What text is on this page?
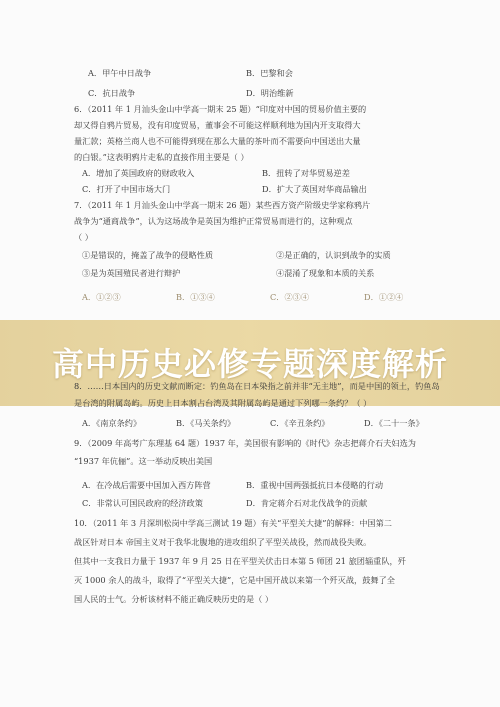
A．甲午中日战争	B．巴黎和会
C．抗日战争	D．明治维新
6．（2011 年 1 月汕头金山中学高一期末 25 题）“印度对中国的贸易价值主要的
却又得自鸦片贸易，没有印度贸易，董事会不可能这样顺利地为国内开支取得大
量汇款；英格兰商人也不可能得到现在那么大量的茶叶而不需要向中国送出大量
的白银。”这表明鸦片走私的直接作用主要是（ ）
A．增加了英国政府的财政收入	B．扭转了对华贸易逆差
C．打开了中国市场大门	D．扩大了英国对华商品输出
7．（2011 年 1 月汕头金山中学高一期末 26 题）某些西方资产阶级史学家称鸦片
战争为“通商战争”，认为这场战争是英国为维护正常贸易而进行的，这种观点
（ ）
①是错误的，掩盖了战争的侵略性质	②是正确的，认识到战争的实质
③是为英国殖民者进行辩护	④混淆了现象和本质的关系
A．①②③	B．①③④	C．②③④	D．①②④
高中历史必修专题深度解析
8．……日本国内的历史文献而断定：钓鱼岛在日本染指之前并非“无主地”，而是中国的领土，钓鱼岛
是台湾的附属岛屿。历史上日本割占台湾及其附属岛屿是通过下列哪一条约？（ ）
A．《南京条约》	B．《马关条约》	C．《辛丑条约》	D．《二十一条》
9．（2009 年高考广东理基 64 题）1937 年，美国很有影响的《时代》杂志把蒋介石夫妇选为
“1937 年伉俪”。这一举动反映出美国
A．在冷战后需要中国加入西方阵营	B．重视中国两强抵抗日本侵略的行动
C．非常认可国民政府的经济政策	D．肯定蒋介石对北伐战争的贡献
10．（2011 年 3 月深圳松岗中学高三测试 19 题）有关“平型关大捷”的解释：中国第二
战区针对日本 帝国主义对于我华北腹地的进攻组织了平型关战役，然而战役失败。
但其中一支我日力量于 1937 年 9 月 25 日在平型关伏击日本第 5 师团 21 旅团辎重队，歼
灭 1000 余人的战斗，取得了“平型关大捷”，它是中国开战以来第一个歼灭战，鼓舞了全
国人民的士气。分析该材料不能正确反映历史的是（ ）
